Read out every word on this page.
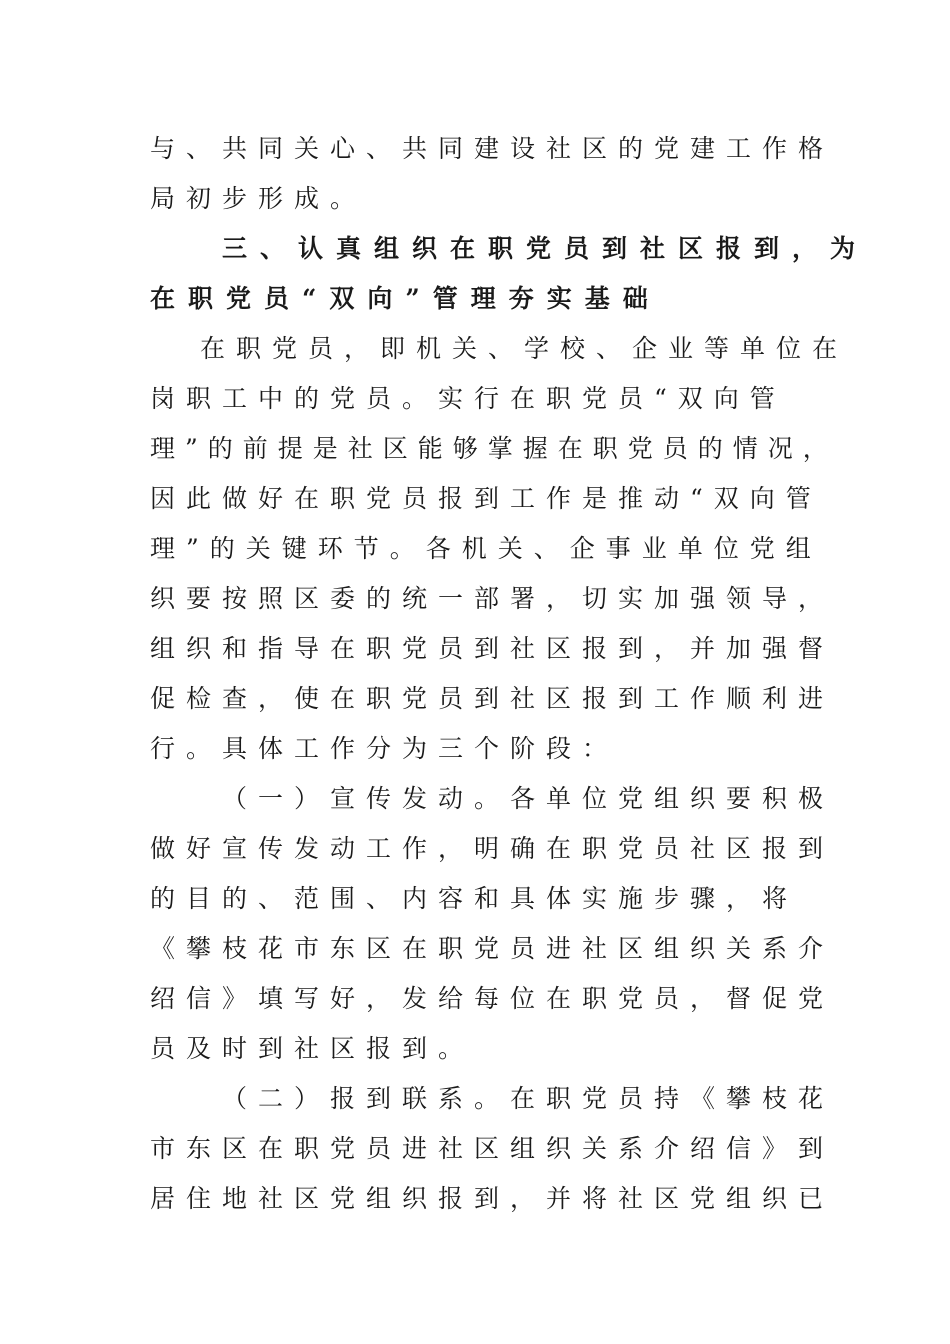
与、共同关心、共同建设社区的党建工作格
局初步形成。
三、认真组织在职党员到社区报到，为
在职党员“双向”管理夯实基础
在职党员，即机关、学校、企业等单位在
岗职工中的党员。实行在职党员“双向管
理”的前提是社区能够掌握在职党员的情况，
因此做好在职党员报到工作是推动“双向管
理”的关键环节。各机关、企事业单位党组
织要按照区委的统一部署，切实加强领导，
组织和指导在职党员到社区报到，并加强督
促检查，使在职党员到社区报到工作顺利进
行。具体工作分为三个阶段：
（一）宣传发动。各单位党组织要积极
做好宣传发动工作，明确在职党员社区报到
的目的、范围、内容和具体实施步骤，将
《攀枝花市东区在职党员进社区组织关系介
绍信》填写好，发给每位在职党员，督促党
员及时到社区报到。
（二）报到联系。在职党员持《攀枝花
市东区在职党员进社区组织关系介绍信》到
居住地社区党组织报到，并将社区党组织已
